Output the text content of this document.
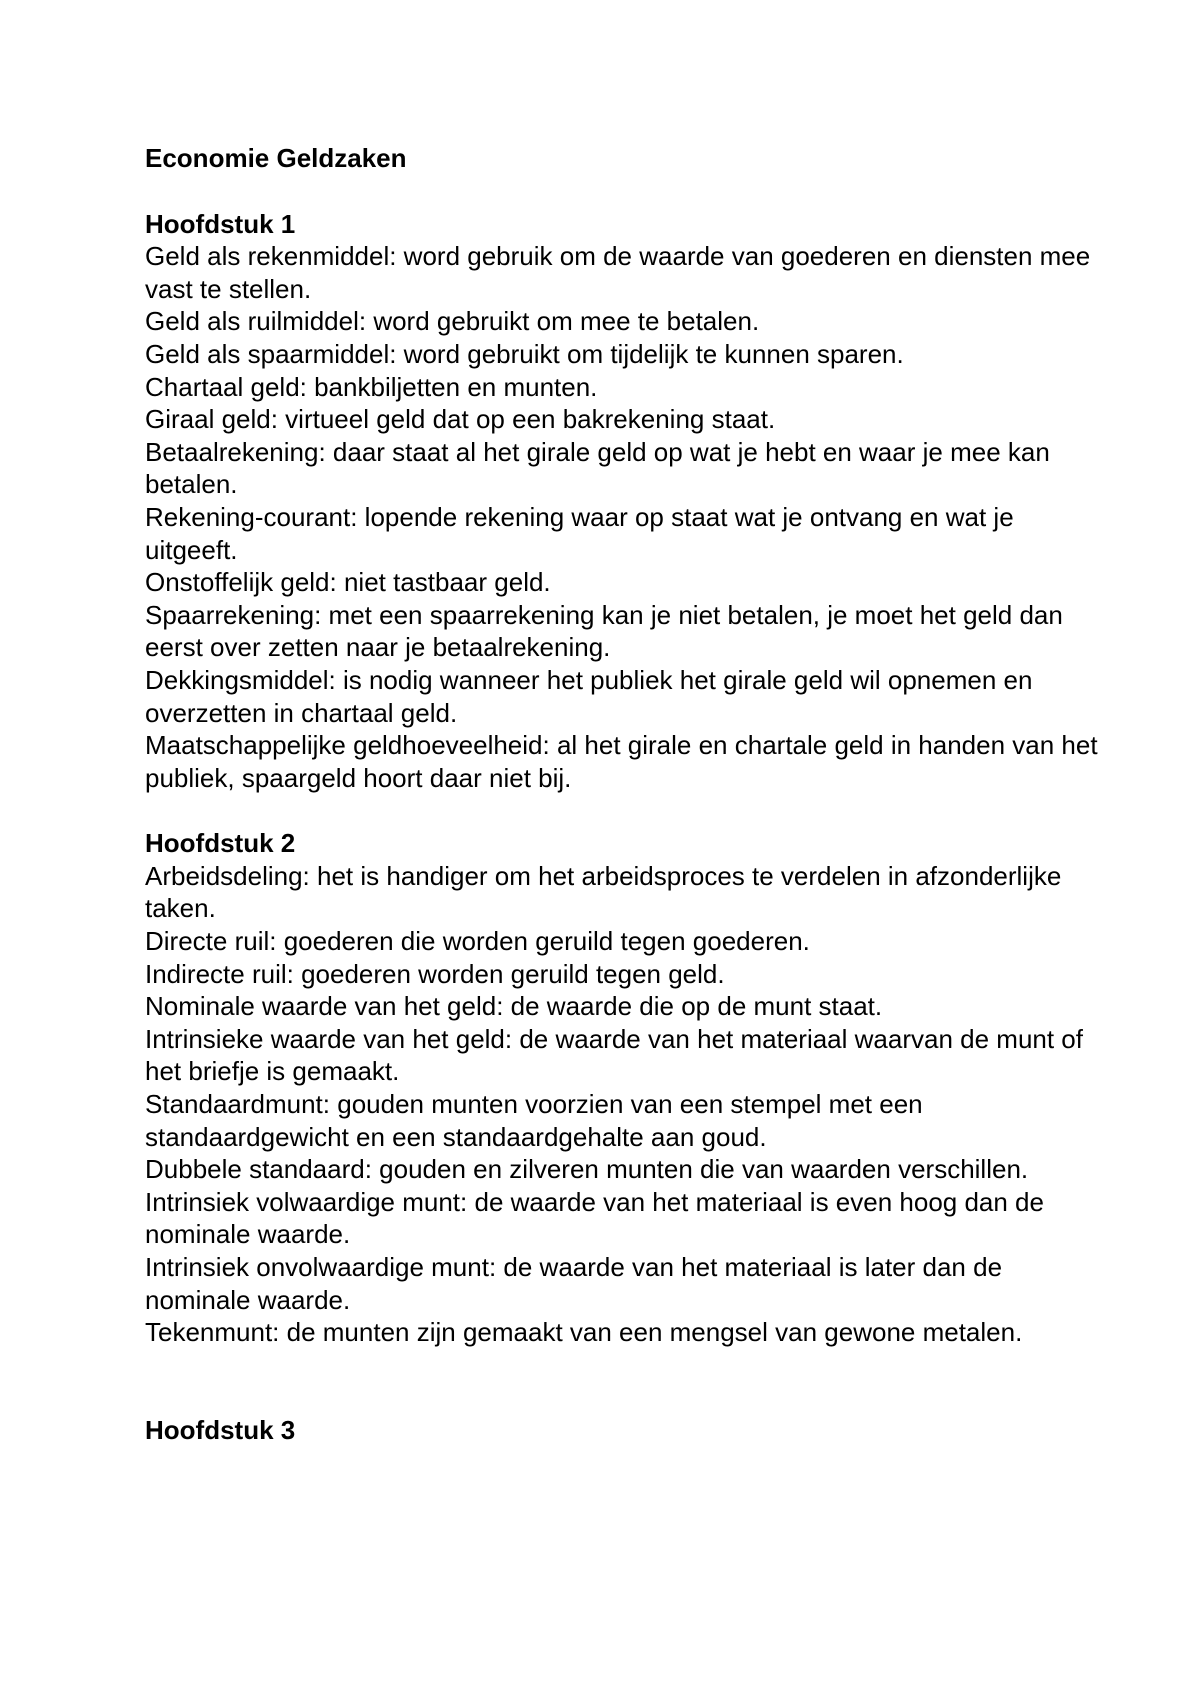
Economie Geldzaken

Hoofdstuk 1

Geld als rekenmiddel: word gebruik om de waarde van goederen en diensten mee vast te stellen.

Geld als ruilmiddel: word gebruikt om mee te betalen.

Geld als spaarmiddel: word gebruikt om tijdelijk te kunnen sparen.

Chartaal geld: bankbiljetten en munten.

Giraal geld: virtueel geld dat op een bakrekening staat.

Betaalrekening: daar staat al het girale geld op wat je hebt en waar je mee kan betalen.

Rekening-courant: lopende rekening waar op staat wat je ontvang en wat je uitgeeft.

Onstoffelijk geld: niet tastbaar geld.

Spaarrekening: met een spaarrekening kan je niet betalen, je moet het geld dan eerst over zetten naar je betaalrekening.

Dekkingsmiddel: is nodig wanneer het publiek het girale geld wil opnemen en overzetten in chartaal geld.

Maatschappelijke geldhoeveelheid: al het girale en chartale geld in handen van het publiek, spaargeld hoort daar niet bij.

Hoofdstuk 2

Arbeidsdeling: het is handiger om het arbeidsproces te verdelen in afzonderlijke taken.

Directe ruil: goederen die worden geruild tegen goederen.

Indirecte ruil: goederen worden geruild tegen geld.

Nominale waarde van het geld: de waarde die op de munt staat.

Intrinsieke waarde van het geld: de waarde van het materiaal waarvan de munt of het briefje is gemaakt.

Standaardmunt: gouden munten voorzien van een stempel met een standaardgewicht en een standaardgehalte aan goud.

Dubbele standaard: gouden en zilveren munten die van waarden verschillen.

Intrinsiek volwaardige munt: de waarde van het materiaal is even hoog dan de nominale waarde.

Intrinsiek onvolwaardige munt: de waarde van het materiaal is later dan de nominale waarde.

Tekenmunt: de munten zijn gemaakt van een mengsel van gewone metalen.

Hoofdstuk 3
